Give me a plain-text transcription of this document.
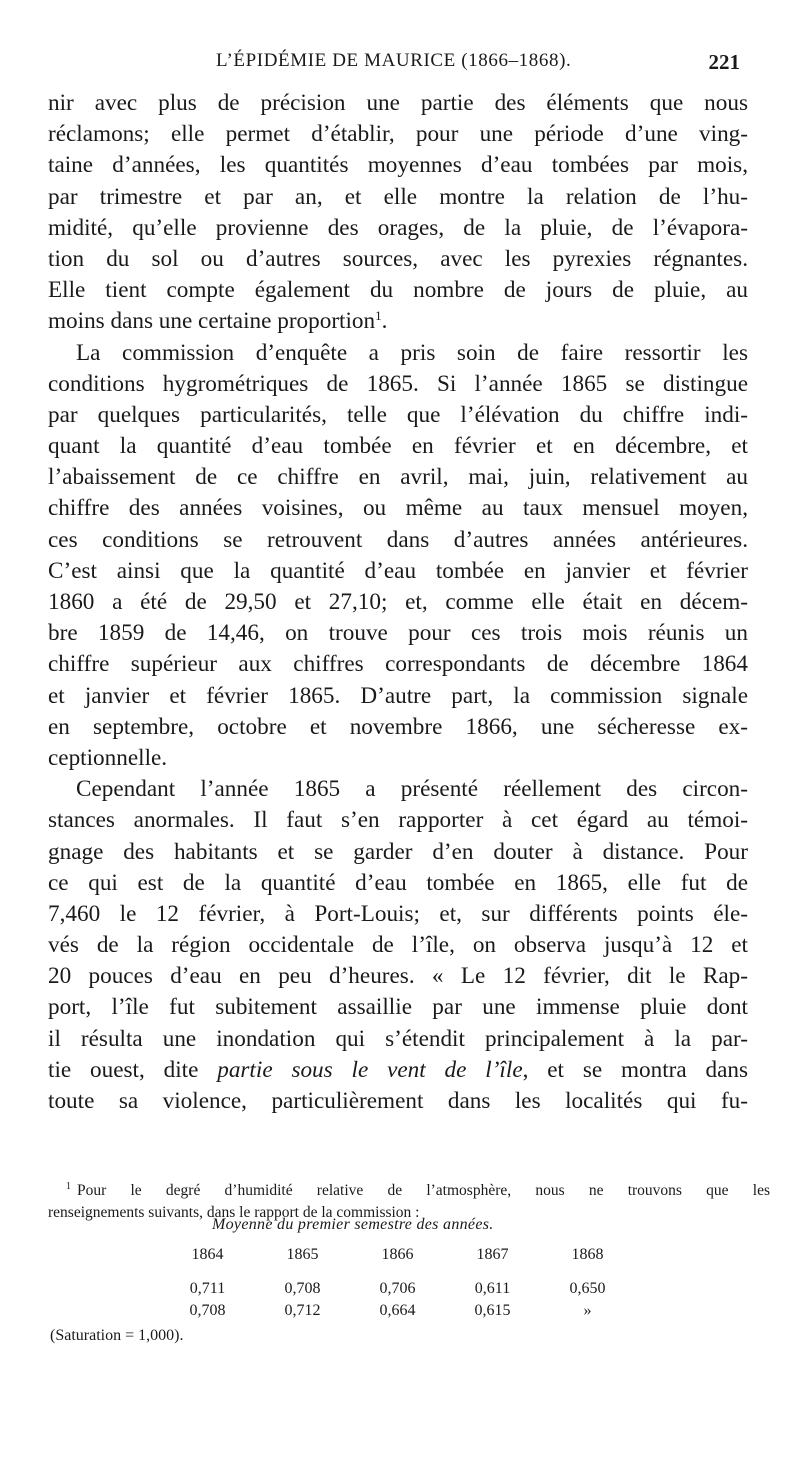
L’ÉPIDÉMIE DE MAURICE (1866–1868).	221
nir avec plus de précision une partie des éléments que nous
réclamons; elle permet d’établir, pour une période d’une ving-
taine d’années, les quantités moyennes d’eau tombées par mois,
par trimestre et par an, et elle montre la relation de l’hu-
midité, qu’elle provienne des orages, de la pluie, de l’évapora-
tion du sol ou d’autres sources, avec les pyrexies régnantes.
Elle tient compte également du nombre de jours de pluie, au
moins dans une certaine proportion$^1$.
La commission d’enquête a pris soin de faire ressortir les
conditions hygrométriques de 1865. Si l’année 1865 se distingue
par quelques particularités, telle que l’élévation du chiffre indi-
quant la quantité d’eau tombée en février et en décembre, et
l’abaissement de ce chiffre en avril, mai, juin, relativement au
chiffre des années voisines, ou même au taux mensuel moyen,
ces conditions se retrouvent dans d’autres années antérieures.
C’est ainsi que la quantité d’eau tombée en janvier et février
1860 a été de 29,50 et 27,10; et, comme elle était en décem-
bre 1859 de 14,46, on trouve pour ces trois mois réunis un
chiffre supérieur aux chiffres correspondants de décembre 1864
et janvier et février 1865. D’autre part, la commission signale
en septembre, octobre et novembre 1866, une sécheresse ex-
ceptionnelle.
Cependant l’année 1865 a présenté réellement des circon-
stances anormales. Il faut s’en rapporter à cet égard au témoi-
gnage des habitants et se garder d’en douter à distance. Pour
ce qui est de la quantité d’eau tombée en 1865, elle fut de
7,460 le 12 février, à Port-Louis; et, sur différents points éle-
vés de la région occidentale de l’île, on observa jusqu’à 12 et
20 pouces d’eau en peu d’heures. « Le 12 février, dit le Rap-
port, l’île fut subitement assaillie par une immense pluie dont
il résulta une inondation qui s’étendit principalement à la par-
tie ouest, dite partie sous le vent de l’île, et se montra dans
toute sa violence, particulièrement dans les localités qui fu-
$^1$ Pour le degré d’humidité relative de l’atmosphère, nous ne trouvons que les
renseignements suivants, dans le rapport de la commission :
Moyenne du premier semestre des années.
1864	1865	1866	1867	1868
0,711	0,708	0,706	0,611	0,650
0,708	0,712	0,664	0,615	»
(Saturation = 1,000).
